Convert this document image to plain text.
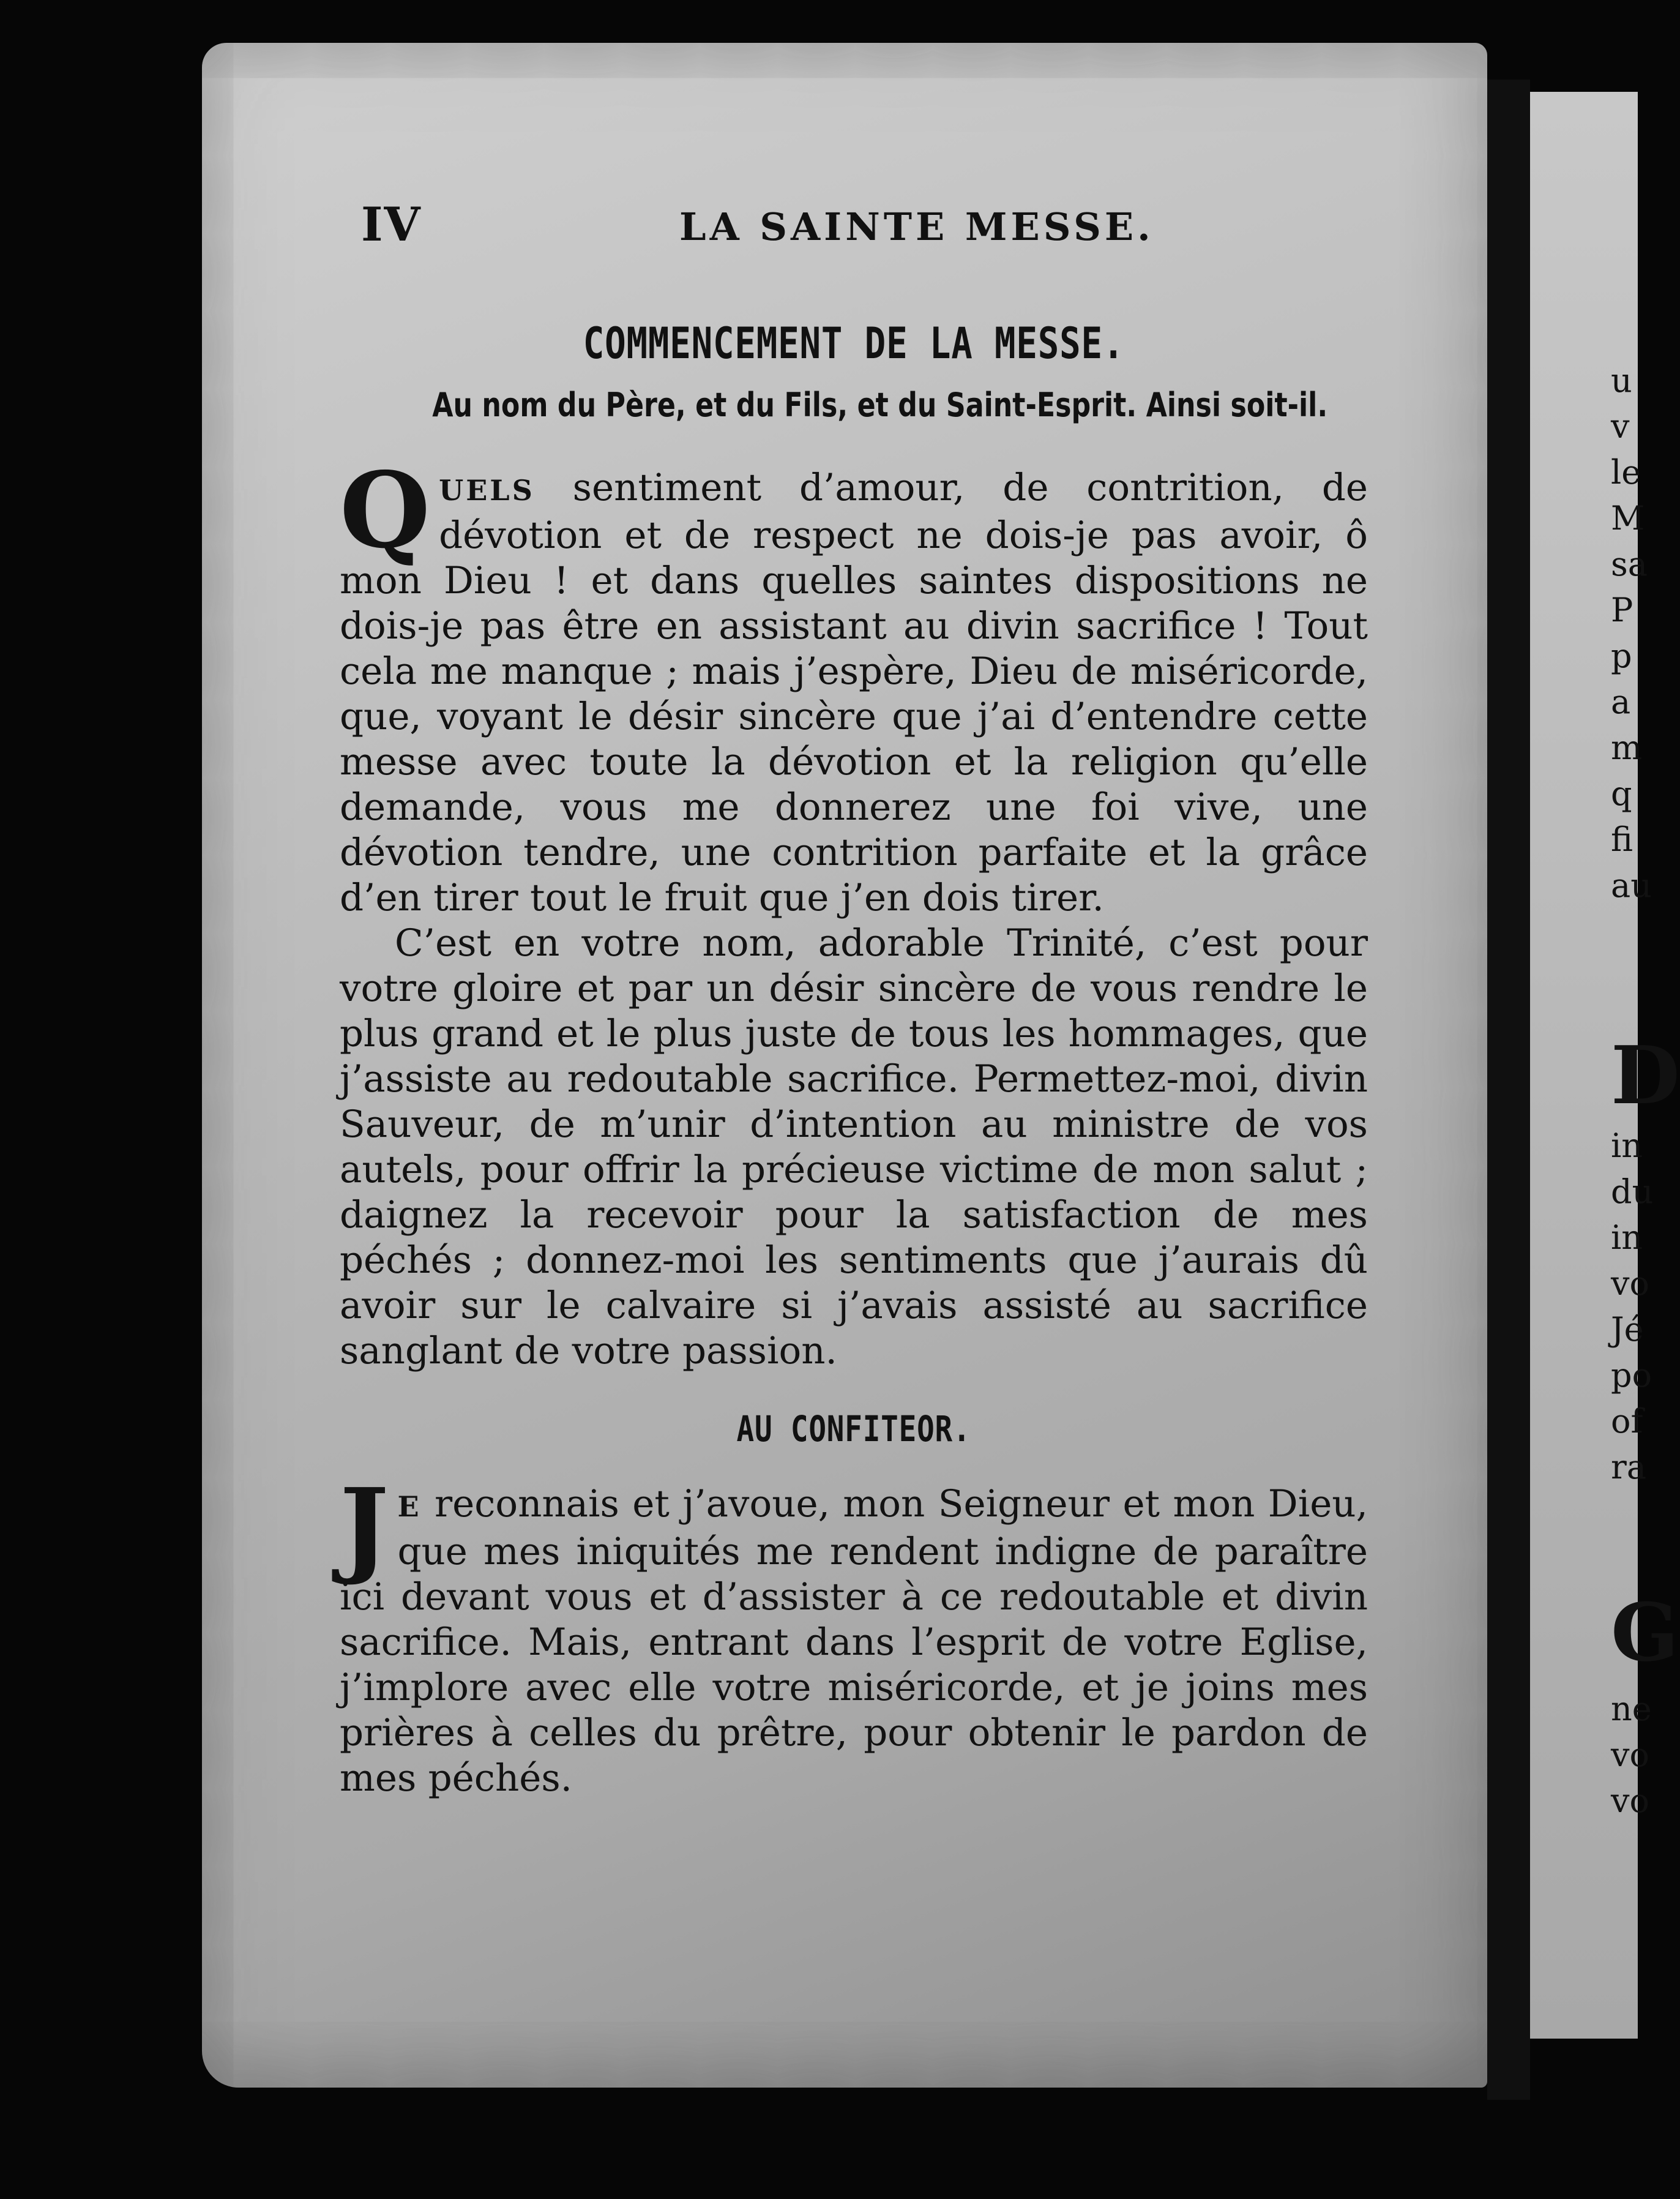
IV	LA SAINTE MESSE.
COMMENCEMENT DE LA MESSE.
Au nom du Père, et du Fils, et du Saint-Esprit. Ainsi soit-il.
QUELS sentiment d’amour, de contrition, de dévotion et de respect ne dois-je pas avoir, ô mon Dieu ! et dans quelles saintes dispositions ne dois-je pas être en assistant au divin sacrifice ! Tout cela me manque ; mais j’espère, Dieu de miséricorde, que, voyant le désir sincère que j’ai d’entendre cette messe avec toute la dévotion et la religion qu’elle demande, vous me donnerez une foi vive, une dévotion tendre, une contrition parfaite et la grâce d’en tirer tout le fruit que j’en dois tirer.
C’est en votre nom, adorable Trinité, c’est pour votre gloire et par un désir sincère de vous rendre le plus grand et le plus juste de tous les hommages, que j’assiste au redoutable sacrifice. Permettez-moi, divin Sauveur, de m’unir d’intention au ministre de vos autels, pour offrir la précieuse victime de mon salut ; daignez la recevoir pour la satisfaction de mes péchés ; donnez-moi les sentiments que j’aurais dû avoir sur le calvaire si j’avais assisté au sacrifice sanglant de votre passion.
AU CONFITEOR.
J E reconnais et j’avoue, mon Seigneur et mon Dieu, que mes iniquités me rendent indigne de paraître ici devant vous et d’assister à ce redoutable et divin sacrifice. Mais, entrant dans l’esprit de votre Eglise, j’implore avec elle votre miséricorde, et je joins mes prières à celles du prêtre, pour obtenir le pardon de mes péchés.
u
v
le
M
sa
P
p
a
m
q
fi
au
D
in
du
in
vo
Jé
po
of
ra
G
ne
vo
vo
